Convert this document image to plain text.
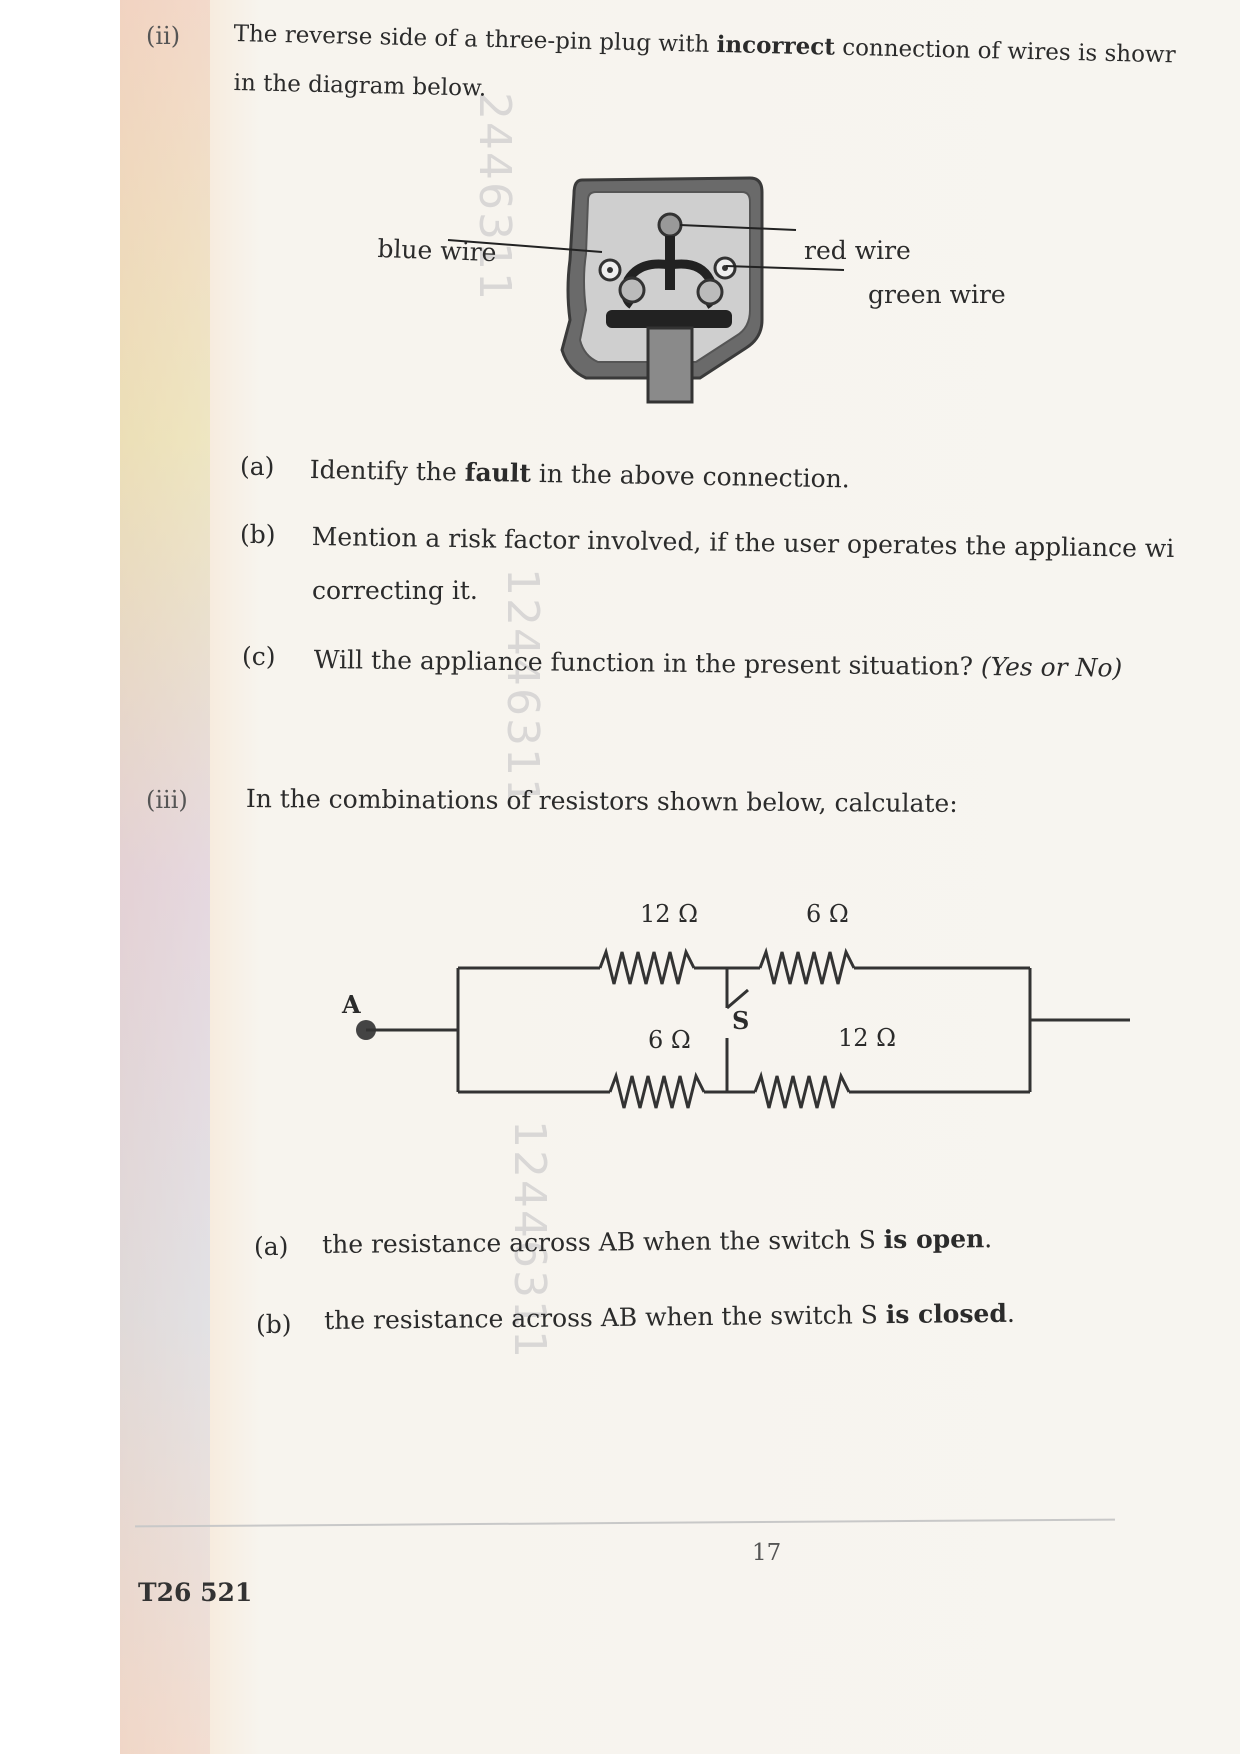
2446311
12446311
12446311
(ii) The reverse side of a three-pin plug with incorrect connection of wires is showr
in the diagram below.
blue wire	red wire
green wire
(a) Identify the fault in the above connection.
(b) Mention a risk factor involved, if the user operates the appliance wi
correcting it.
(c) Will the appliance function in the present situation? (Yes or No)
(iii) In the combinations of resistors shown below, calculate:
12 Ω	6 Ω
6 Ω	12 Ω
S
A
(a) the resistance across AB when the switch S is open.
(b) the resistance across AB when the switch S is closed.
17
T26 521
